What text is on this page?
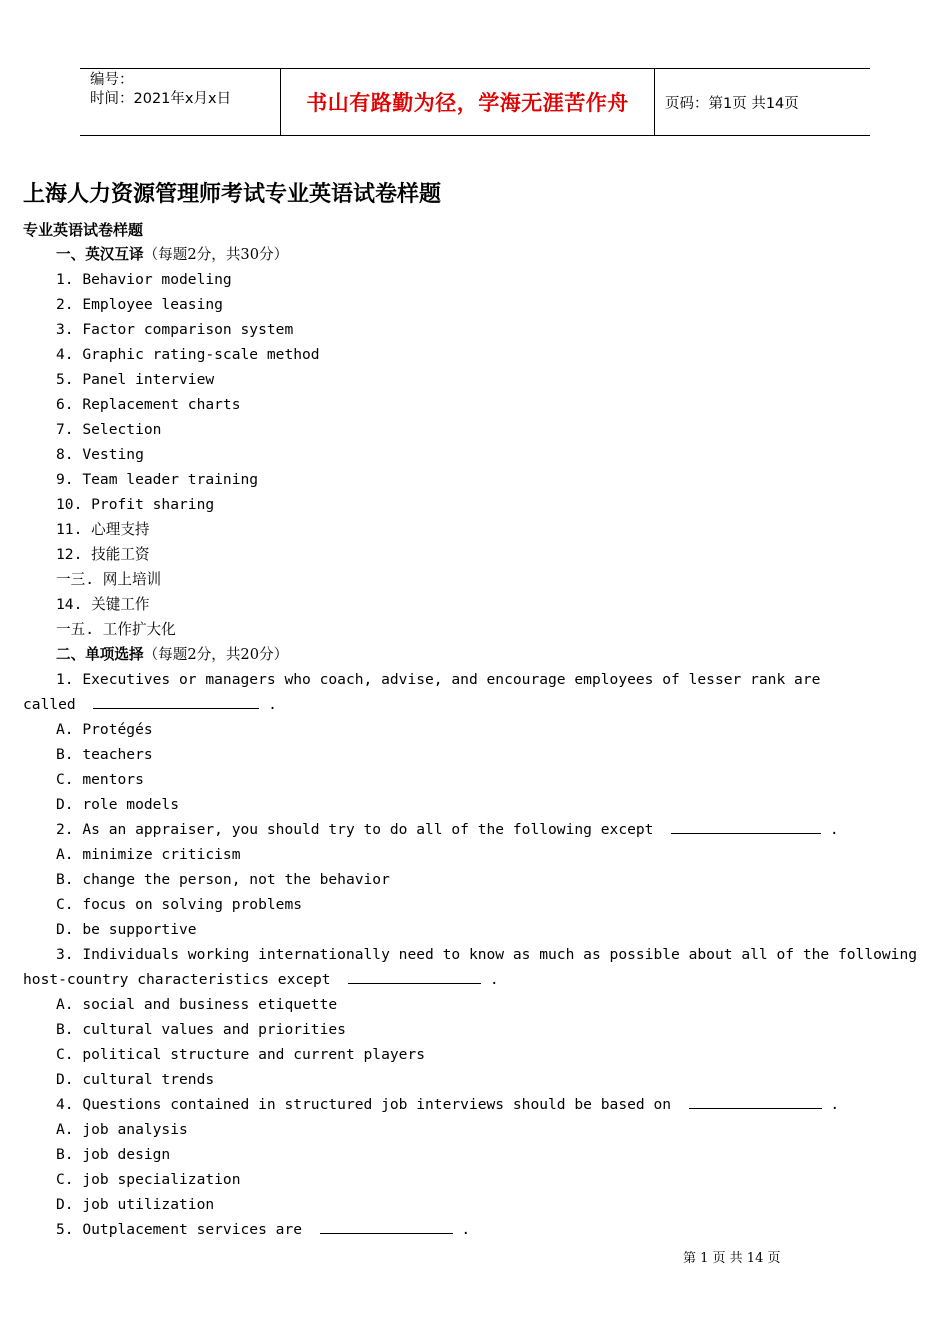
编号：
时间：2021年x月x日	书山有路勤为径，学海无涯苦作舟	页码：第1页 共14页
上海人力资源管理师考试专业英语试卷样题
专业英语试卷样题
一、英汉互译（每题2分，共30分）
1. Behavior modeling
2. Employee leasing
3. Factor comparison system
4. Graphic rating-scale method
5. Panel interview
6. Replacement charts
7. Selection
8. Vesting
9. Team leader training
10. Profit sharing
11. 心理支持
12. 技能工资
一三. 网上培训
14. 关键工作
一五. 工作扩大化
二、单项选择（每题2分，共20分）
1. Executives or managers who coach, advise, and encourage employees of lesser rank are
called	.
A. Protégés
B. teachers
C. mentors
D. role models
2. As an appraiser, you should try to do all of the following except	.
A. minimize criticism
B. change the person, not the behavior
C. focus on solving problems
D. be supportive
3. Individuals working internationally need to know as much as possible about all of the following
host-country characteristics except	.
A. social and business etiquette
B. cultural values and priorities
C. political structure and current players
D. cultural trends
4. Questions contained in structured job interviews should be based on	.
A. job analysis
B. job design
C. job specialization
D. job utilization
5. Outplacement services are	.
第 1 页 共 14 页
